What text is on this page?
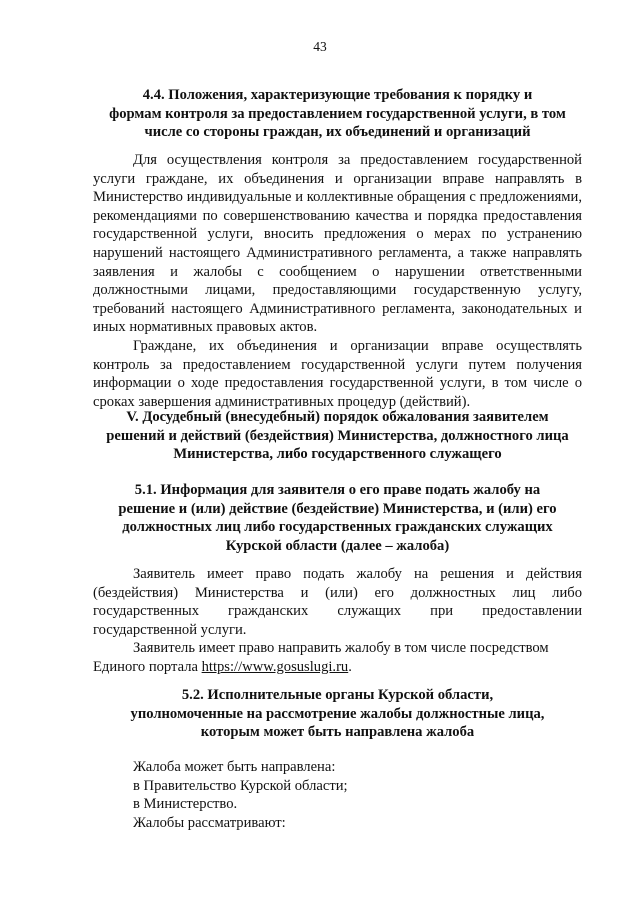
43
4.4. Положения, характеризующие требования к порядку и
формам контроля за предоставлением государственной услуги, в том
числе со стороны граждан, их объединений и организаций

Для осуществления контроля за предоставлением государственной услуги граждане, их объединения и организации вправе направлять в Министерство индивидуальные и коллективные обращения с предложениями, рекомендациями по совершенствованию качества и порядка предоставления государственной услуги, вносить предложения о мерах по устранению нарушений настоящего Административного регламента, а также направлять заявления и жалобы с сообщением о нарушении ответственными должностными лицами, предоставляющими государственную услугу, требований настоящего Административного регламента, законодательных и иных нормативных правовых актов.

Граждане, их объединения и организации вправе осуществлять контроль за предоставлением государственной услуги путем получения информации о ходе предоставления государственной услуги, в том числе о сроках завершения административных процедур (действий).

V. Досудебный (внесудебный) порядок обжалования заявителем
решений и действий (бездействия) Министерства, должностного лица
Министерства, либо государственного служащего
5.1. Информация для заявителя о его праве подать жалобу на
решение и (или) действие (бездействие) Министерства, и (или) его
должностных лиц либо государственных гражданских служащих
Курской области (далее – жалоба)

Заявитель имеет право подать жалобу на решения и действия (бездействия) Министерства и (или) его должностных лиц либо государственных гражданских служащих при предоставлении государственной услуги.

Заявитель имеет право направить жалобу в том числе посредством Единого портала https://www.gosuslugi.ru.

5.2. Исполнительные органы Курской области,
уполномоченные на рассмотрение жалобы должностные лица,
которым может быть направлена жалоба
Жалоба может быть направлена:
в Правительство Курской области;
в Министерство.
Жалобы рассматривают:
